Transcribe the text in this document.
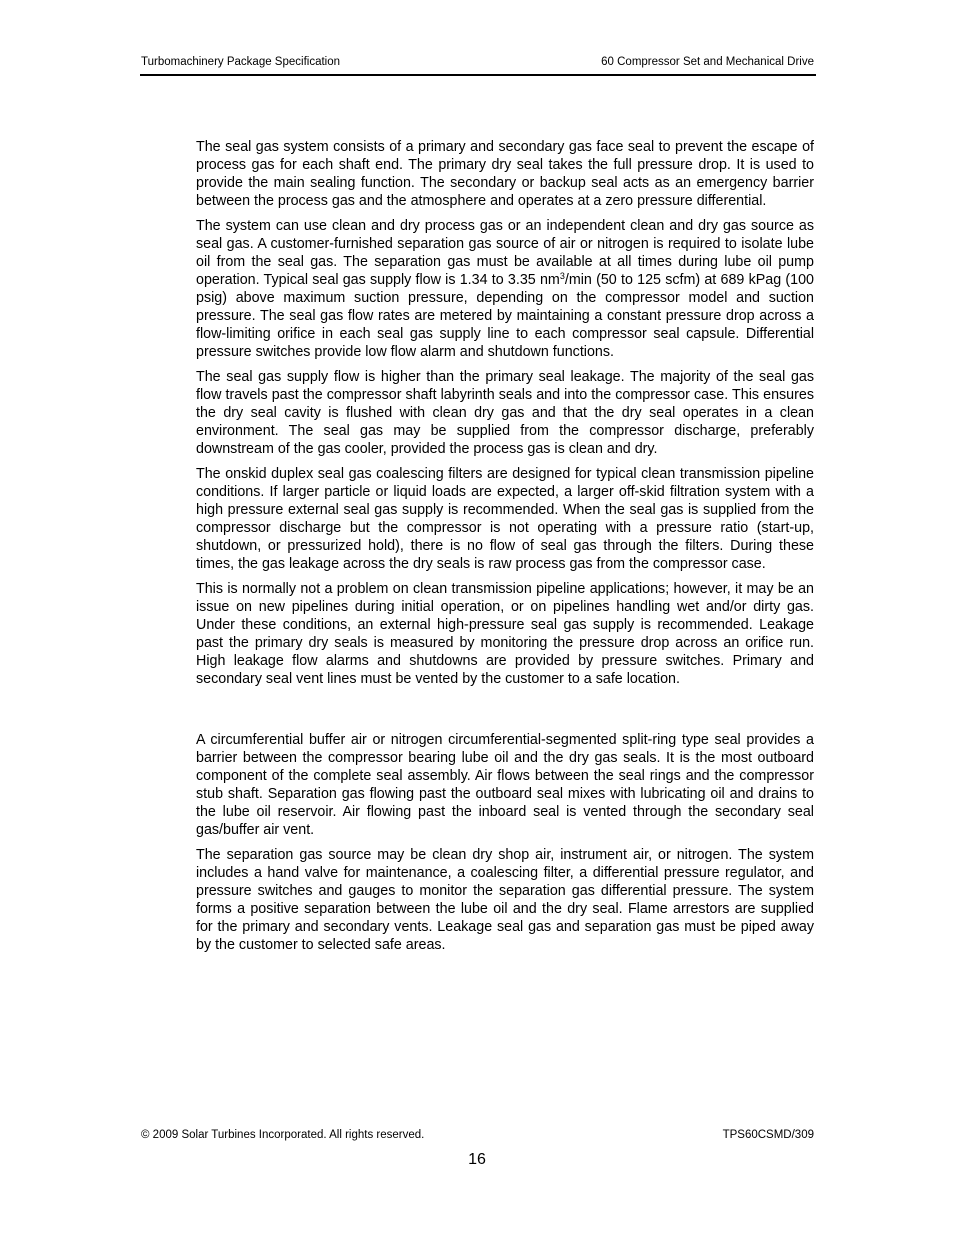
Turbomachinery Package Specification	60 Compressor Set and Mechanical Drive

The seal gas system consists of a primary and secondary gas face seal to prevent the escape of process gas for each shaft end. The primary dry seal takes the full pressure drop. It is used to provide the main sealing function. The secondary or backup seal acts as an emergency barrier between the process gas and the atmosphere and operates at a zero pressure differential.

The system can use clean and dry process gas or an independent clean and dry gas source as seal gas. A customer-furnished separation gas source of air or nitrogen is required to isolate lube oil from the seal gas. The separation gas must be available at all times during lube oil pump operation. Typical seal gas supply flow is 1.34 to 3.35 $nm^3/\min$ (50 to 125 scfm) at 689 kPag (100 psig) above maximum suction pressure, depending on the compressor model and suction pressure. The seal gas flow rates are metered by maintaining a constant pressure drop across a flow-limiting orifice in each seal gas supply line to each compressor seal capsule. Differential pressure switches provide low flow alarm and shutdown functions.

The seal gas supply flow is higher than the primary seal leakage. The majority of the seal gas flow travels past the compressor shaft labyrinth seals and into the compressor case. This ensures the dry seal cavity is flushed with clean dry gas and that the dry seal operates in a clean environment. The seal gas may be supplied from the compressor discharge, preferably downstream of the gas cooler, provided the process gas is clean and dry.

The onskid duplex seal gas coalescing filters are designed for typical clean transmission pipeline conditions. If larger particle or liquid loads are expected, a larger off-skid filtration system with a high pressure external seal gas supply is recommended. When the seal gas is supplied from the compressor discharge but the compressor is not operating with a pressure ratio (start-up, shutdown, or pressurized hold), there is no flow of seal gas through the filters. During these times, the gas leakage across the dry seals is raw process gas from the compressor case.

This is normally not a problem on clean transmission pipeline applications; however, it may be an issue on new pipelines during initial operation, or on pipelines handling wet and/or dirty gas. Under these conditions, an external high-pressure seal gas supply is recommended. Leakage past the primary dry seals is measured by monitoring the pressure drop across an orifice run. High leakage flow alarms and shutdowns are provided by pressure switches. Primary and secondary seal vent lines must be vented by the customer to a safe location.

A circumferential buffer air or nitrogen circumferential-segmented split-ring type seal provides a barrier between the compressor bearing lube oil and the dry gas seals. It is the most outboard component of the complete seal assembly. Air flows between the seal rings and the compressor stub shaft. Separation gas flowing past the outboard seal mixes with lubricating oil and drains to the lube oil reservoir. Air flowing past the inboard seal is vented through the secondary seal gas/buffer air vent.

The separation gas source may be clean dry shop air, instrument air, or nitrogen. The system includes a hand valve for maintenance, a coalescing filter, a differential pressure regulator, and pressure switches and gauges to monitor the separation gas differential pressure. The system forms a positive separation between the lube oil and the dry seal. Flame arrestors are supplied for the primary and secondary vents. Leakage seal gas and separation gas must be piped away by the customer to selected safe areas.

© 2009 Solar Turbines Incorporated. All rights reserved.	TPS60CSMD/309
16
